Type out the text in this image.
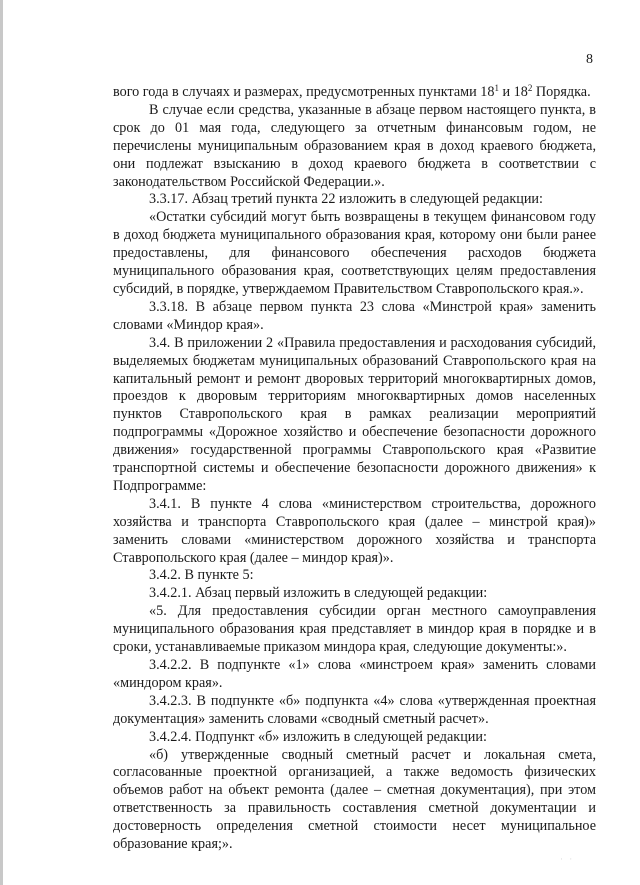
8

вого года в случаях и размерах, предусмотренных пунктами $18^1$ и $18^2$ Порядка.

В случае если средства, указанные в абзаце первом настоящего пункта, в срок до 01 мая года, следующего за отчетным финансовым годом, не перечислены муниципальным образованием края в доход краевого бюджета, они подлежат взысканию в доход краевого бюджета в соответствии с законодательством Российской Федерации.».

3.3.17. Абзац третий пункта 22 изложить в следующей редакции:

«Остатки субсидий могут быть возвращены в текущем финансовом году в доход бюджета муниципального образования края, которому они были ранее предоставлены, для финансового обеспечения расходов бюджета муниципального образования края, соответствующих целям предоставления субсидий, в порядке, утверждаемом Правительством Ставропольского края.».

3.3.18. В абзаце первом пункта 23 слова «Минстрой края» заменить словами «Миндор края».

3.4. В приложении 2 «Правила предоставления и расходования субсидий, выделяемых бюджетам муниципальных образований Ставропольского края на капитальный ремонт и ремонт дворовых территорий многоквартирных домов, проездов к дворовым территориям многоквартирных домов населенных пунктов Ставропольского края в рамках реализации мероприятий подпрограммы «Дорожное хозяйство и обеспечение безопасности дорожного движения» государственной программы Ставропольского края «Развитие транспортной системы и обеспечение безопасности дорожного движения» к Подпрограмме:

3.4.1. В пункте 4 слова «министерством строительства, дорожного хозяйства и транспорта Ставропольского края (далее – минстрой края)» заменить словами «министерством дорожного хозяйства и транспорта Ставропольского края (далее – миндор края)».

3.4.2. В пункте 5:

3.4.2.1. Абзац первый изложить в следующей редакции:

«5. Для предоставления субсидии орган местного самоуправления муниципального образования края представляет в миндор края в порядке и в сроки, устанавливаемые приказом миндора края, следующие документы:».

3.4.2.2. В подпункте «1» слова «минстроем края» заменить словами «миндором края».

3.4.2.3. В подпункте «б» подпункта «4» слова «утвержденная проектная документация» заменить словами «сводный сметный расчет».

3.4.2.4. Подпункт «б» изложить в следующей редакции:

«б) утвержденные сводный сметный расчет и локальная смета, согласованные проектной организацией, а также ведомость физических объемов работ на объект ремонта (далее – сметная документация), при этом ответственность за правильность составления сметной документации и достоверность определения сметной стоимости несет муниципальное образование края;».

· ·
